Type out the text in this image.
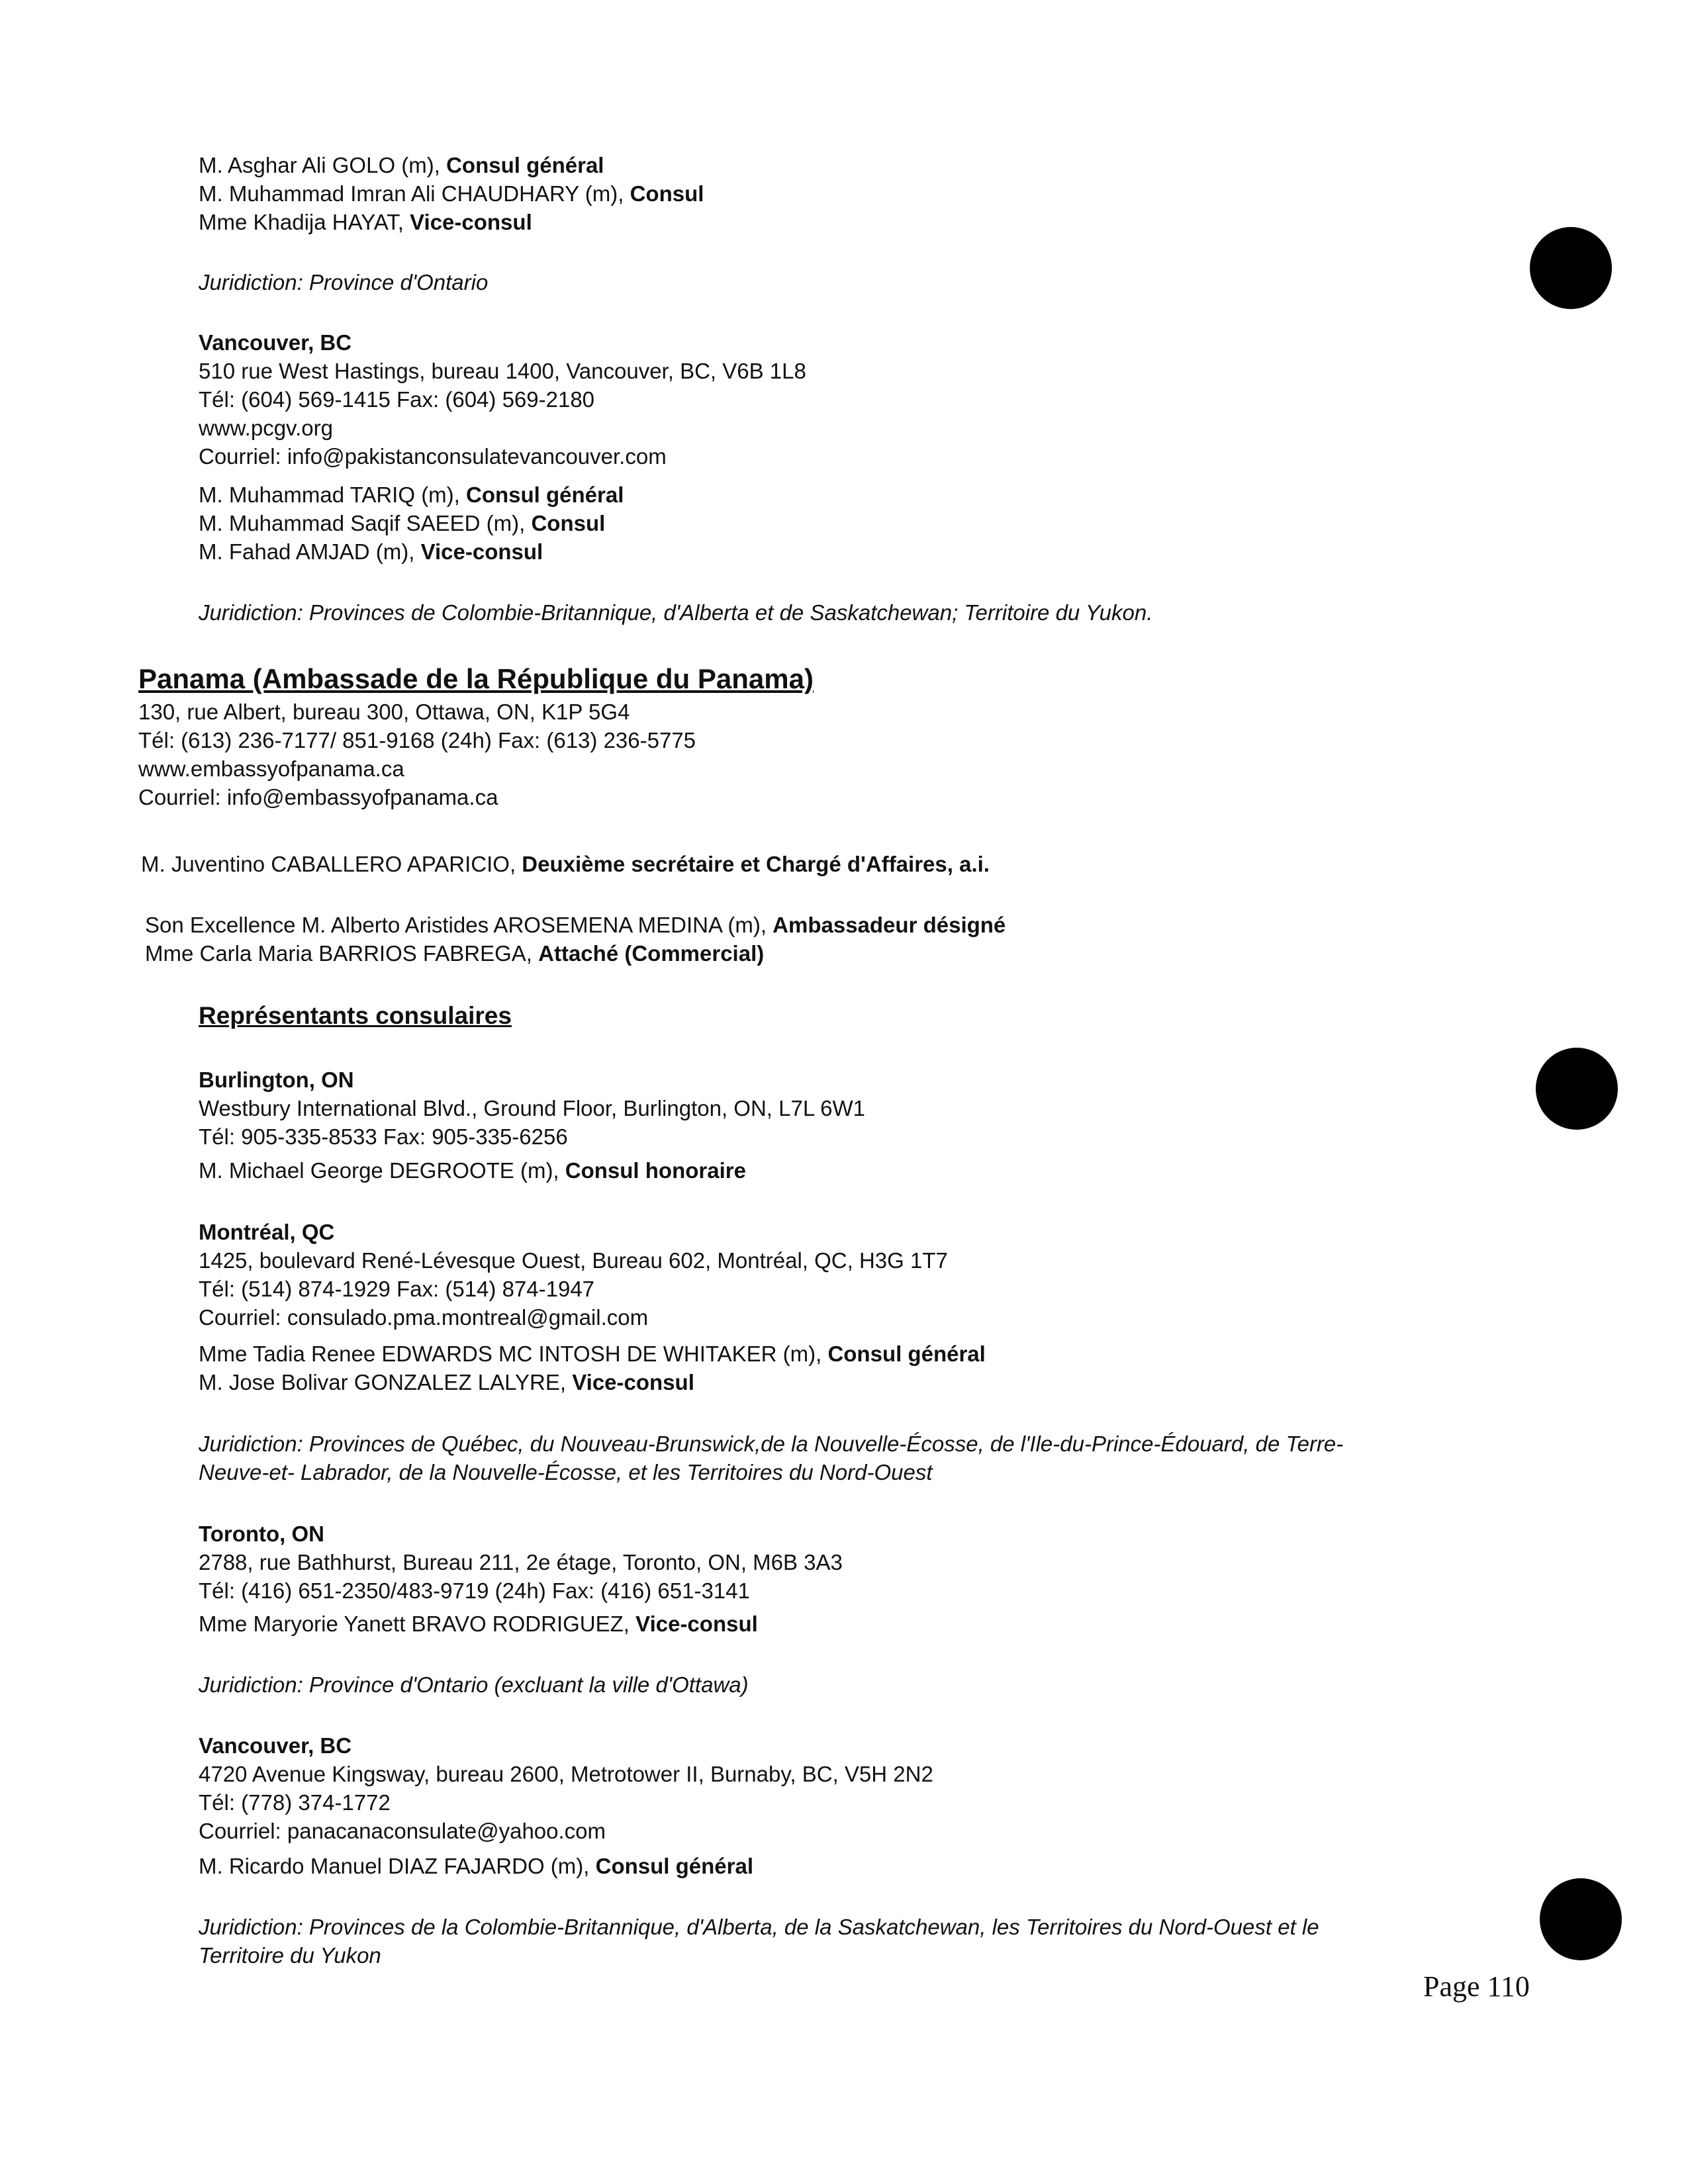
M. Asghar Ali GOLO (m), Consul général
M. Muhammad Imran Ali CHAUDHARY (m), Consul
Mme Khadija HAYAT, Vice-consul
Juridiction: Province d'Ontario
Vancouver, BC
510 rue West Hastings, bureau 1400, Vancouver, BC, V6B 1L8
Tél: (604) 569-1415 Fax: (604) 569-2180
www.pcgv.org
Courriel: info@pakistanconsulatevancouver.com
M. Muhammad TARIQ (m), Consul général
M. Muhammad Saqif SAEED (m), Consul
M. Fahad AMJAD (m), Vice-consul
Juridiction: Provinces de Colombie-Britannique, d'Alberta et de Saskatchewan; Territoire du Yukon.
Panama (Ambassade de la République du Panama)
130, rue Albert, bureau 300, Ottawa, ON, K1P 5G4
Tél: (613) 236-7177/ 851-9168 (24h) Fax: (613) 236-5775
www.embassyofpanama.ca
Courriel: info@embassyofpanama.ca
M. Juventino CABALLERO APARICIO, Deuxième secrétaire et Chargé d'Affaires, a.i.
Son Excellence M. Alberto Aristides AROSEMENA MEDINA (m), Ambassadeur désigné
Mme Carla Maria BARRIOS FABREGA, Attaché (Commercial)
Représentants consulaires
Burlington, ON
Westbury International Blvd., Ground Floor, Burlington, ON, L7L 6W1
Tél: 905-335-8533 Fax: 905-335-6256
M. Michael George DEGROOTE (m), Consul honoraire
Montréal, QC
1425, boulevard René-Lévesque Ouest, Bureau 602, Montréal, QC, H3G 1T7
Tél: (514) 874-1929 Fax: (514) 874-1947
Courriel: consulado.pma.montreal@gmail.com
Mme Tadia Renee EDWARDS MC INTOSH DE WHITAKER (m), Consul général
M. Jose Bolivar GONZALEZ LALYRE, Vice-consul
Juridiction: Provinces de Québec, du Nouveau-Brunswick,de la Nouvelle-Écosse, de l'Ile-du-Prince-Édouard, de Terre-
Neuve-et- Labrador, de la Nouvelle-Écosse, et les Territoires du Nord-Ouest
Toronto, ON
2788, rue Bathhurst, Bureau 211, 2e étage, Toronto, ON, M6B 3A3
Tél: (416) 651-2350/483-9719 (24h) Fax: (416) 651-3141
Mme Maryorie Yanett BRAVO RODRIGUEZ, Vice-consul
Juridiction: Province d'Ontario (excluant la ville d'Ottawa)
Vancouver, BC
4720 Avenue Kingsway, bureau 2600, Metrotower II, Burnaby, BC, V5H 2N2
Tél: (778) 374-1772
Courriel: panacanaconsulate@yahoo.com
M. Ricardo Manuel DIAZ FAJARDO (m), Consul général
Juridiction: Provinces de la Colombie-Britannique, d'Alberta, de la Saskatchewan, les Territoires du Nord-Ouest et le
Territoire du Yukon
Page 110
